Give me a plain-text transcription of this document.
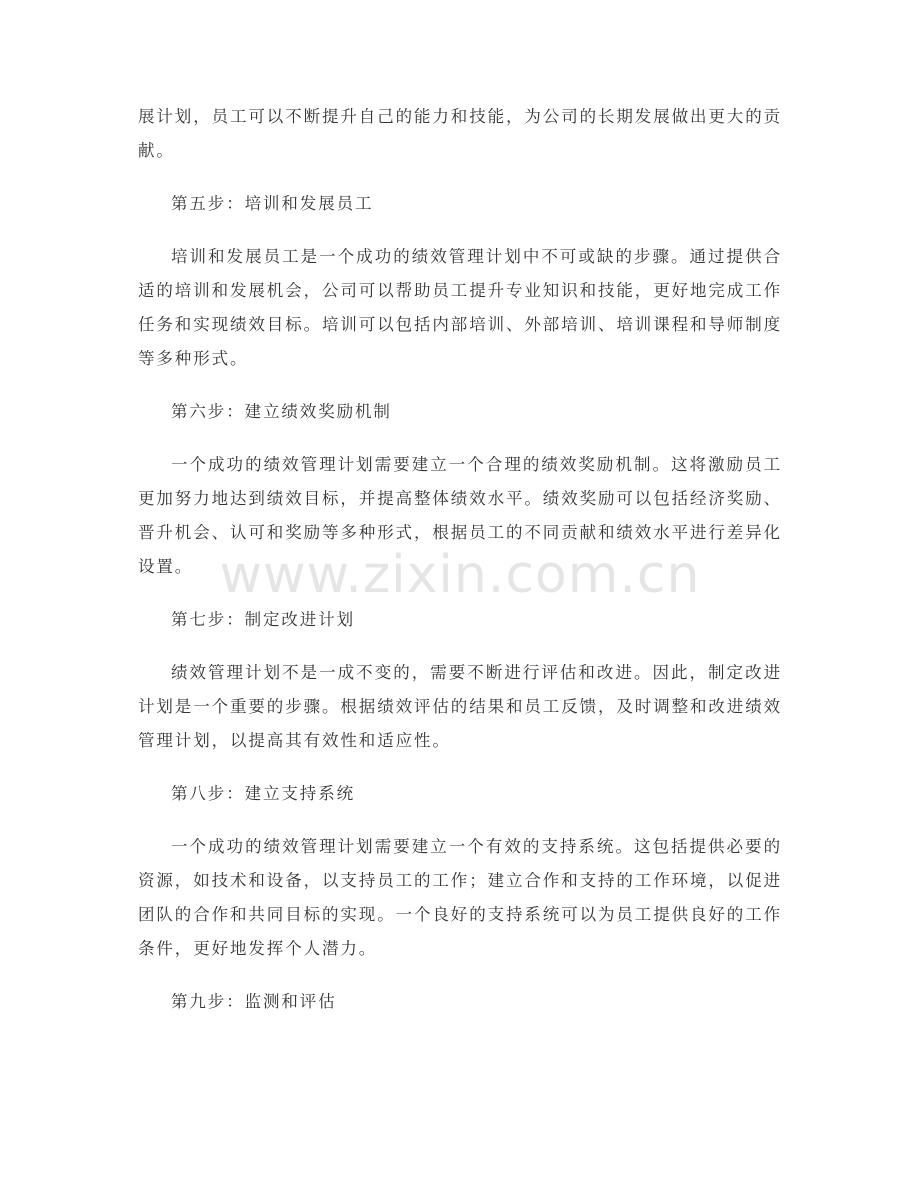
展计划，员工可以不断提升自己的能力和技能，为公司的长期发展做出更大的贡献。

第五步：培训和发展员工

培训和发展员工是一个成功的绩效管理计划中不可或缺的步骤。通过提供合适的培训和发展机会，公司可以帮助员工提升专业知识和技能，更好地完成工作任务和实现绩效目标。培训可以包括内部培训、外部培训、培训课程和导师制度等多种形式。

第六步：建立绩效奖励机制

一个成功的绩效管理计划需要建立一个合理的绩效奖励机制。这将激励员工更加努力地达到绩效目标，并提高整体绩效水平。绩效奖励可以包括经济奖励、晋升机会、认可和奖励等多种形式，根据员工的不同贡献和绩效水平进行差异化设置。

第七步：制定改进计划

绩效管理计划不是一成不变的，需要不断进行评估和改进。因此，制定改进计划是一个重要的步骤。根据绩效评估的结果和员工反馈，及时调整和改进绩效管理计划，以提高其有效性和适应性。

第八步：建立支持系统

一个成功的绩效管理计划需要建立一个有效的支持系统。这包括提供必要的资源，如技术和设备，以支持员工的工作；建立合作和支持的工作环境，以促进团队的合作和共同目标的实现。一个良好的支持系统可以为员工提供良好的工作条件，更好地发挥个人潜力。

第九步：监测和评估

www.zixin.com.cn
